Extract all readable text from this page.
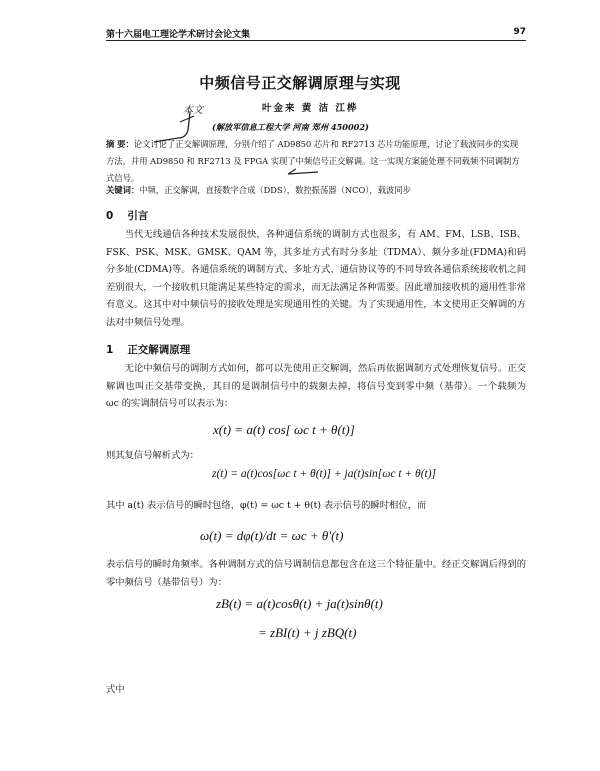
第十六届电工理论学术研讨会论文集	97
中频信号正交解调原理与实现
本文	叶金来 黄 洁 江桦
(解放军信息工程大学 河南 郑州 450002)
摘 要：论文讨论了正交解调原理，分别介绍了 AD9850 芯片和 RF2713 芯片功能原理，讨论了载波同步的实现方法，并用 AD9850 和 RF2713 及 FPGA 实现了中频信号正交解调。这一实现方案能处理不同载频不同调制方式信号。
关键词：中频，正交解调，直接数字合成（DDS），数控振荡器（NCO），载波同步
0 引言
当代无线通信各种技术发展很快，各种通信系统的调制方式也很多，有 AM、FM、LSB、ISB、FSK、PSK、MSK、GMSK、QAM 等，其多址方式有时分多址（TDMA）、频分多址(FDMA)和码分多址(CDMA)等。各通信系统的调制方式、多址方式、通信协议等的不同导致各通信系统接收机之间差别很大，一个接收机只能满足某些特定的需求，而无法满足各种需要。因此增加接收机的通用性非常有意义。这其中对中频信号的接收处理是实现通用性的关键。为了实现通用性，本文使用正交解调的方法对中频信号处理。
1 正交解调原理
无论中频信号的调制方式如何，都可以先使用正交解调，然后再依据调制方式处理恢复信号。正交解调也叫正交基带变换，其目的是调制信号中的载频去掉，将信号变到零中频（基带）。一个载频为 ωc 的实调制信号可以表示为：
x(t) = a(t) cos[ ωc t + θ(t)]
则其复信号解析式为：
z(t) = a(t)cos[ωc t + θ(t)] + ja(t)sin[ωc t + θ(t)]
其中 a(t) 表示信号的瞬时包络，φ(t) = ωc t + θ(t) 表示信号的瞬时相位，而
ω(t) = dφ(t)/dt = ωc + θ′(t)
表示信号的瞬时角频率。各种调制方式的信号调制信息都包含在这三个特征量中。经正交解调后得到的零中频信号（基带信号）为：
zB(t) = a(t)cosθ(t) + ja(t)sinθ(t)
= zBI(t) + j zBQ(t)
式中
